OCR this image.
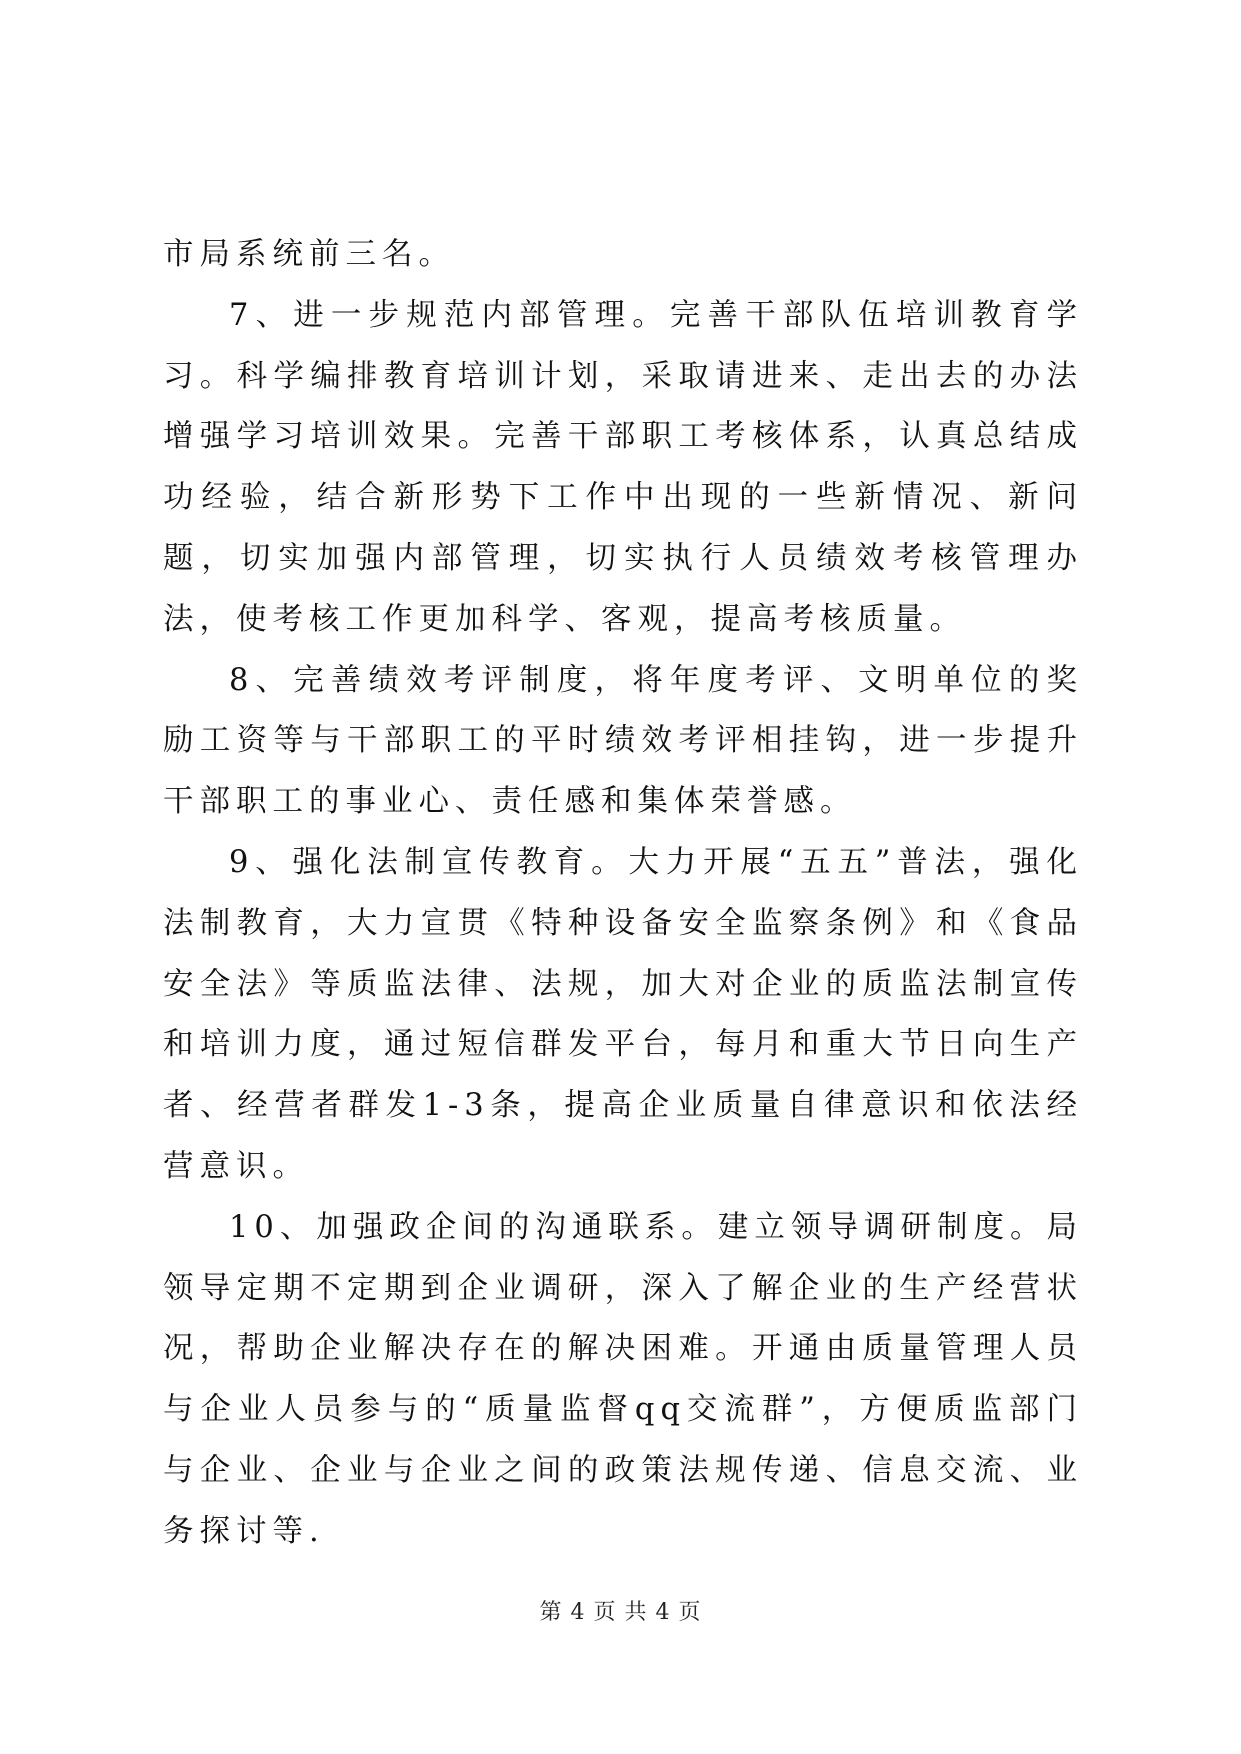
市局系统前三名。

7、进一步规范内部管理。完善干部队伍培训教育学习。科学编排教育培训计划，采取请进来、走出去的办法增强学习培训效果。完善干部职工考核体系，认真总结成功经验，结合新形势下工作中出现的一些新情况、新问题，切实加强内部管理，切实执行人员绩效考核管理办法，使考核工作更加科学、客观，提高考核质量。

8、完善绩效考评制度，将年度考评、文明单位的奖励工资等与干部职工的平时绩效考评相挂钩，进一步提升干部职工的事业心、责任感和集体荣誉感。

9、强化法制宣传教育。大力开展“五五”普法，强化法制教育，大力宣贯《特种设备安全监察条例》和《食品安全法》等质监法律、法规，加大对企业的质监法制宣传和培训力度，通过短信群发平台，每月和重大节日向生产者、经营者群发1-3条，提高企业质量自律意识和依法经营意识。

10、加强政企间的沟通联系。建立领导调研制度。局领导定期不定期到企业调研，深入了解企业的生产经营状况，帮助企业解决存在的解决困难。开通由质量管理人员与企业人员参与的“质量监督qq交流群”，方便质监部门与企业、企业与企业之间的政策法规传递、信息交流、业务探讨等.

第 4 页 共 4 页
